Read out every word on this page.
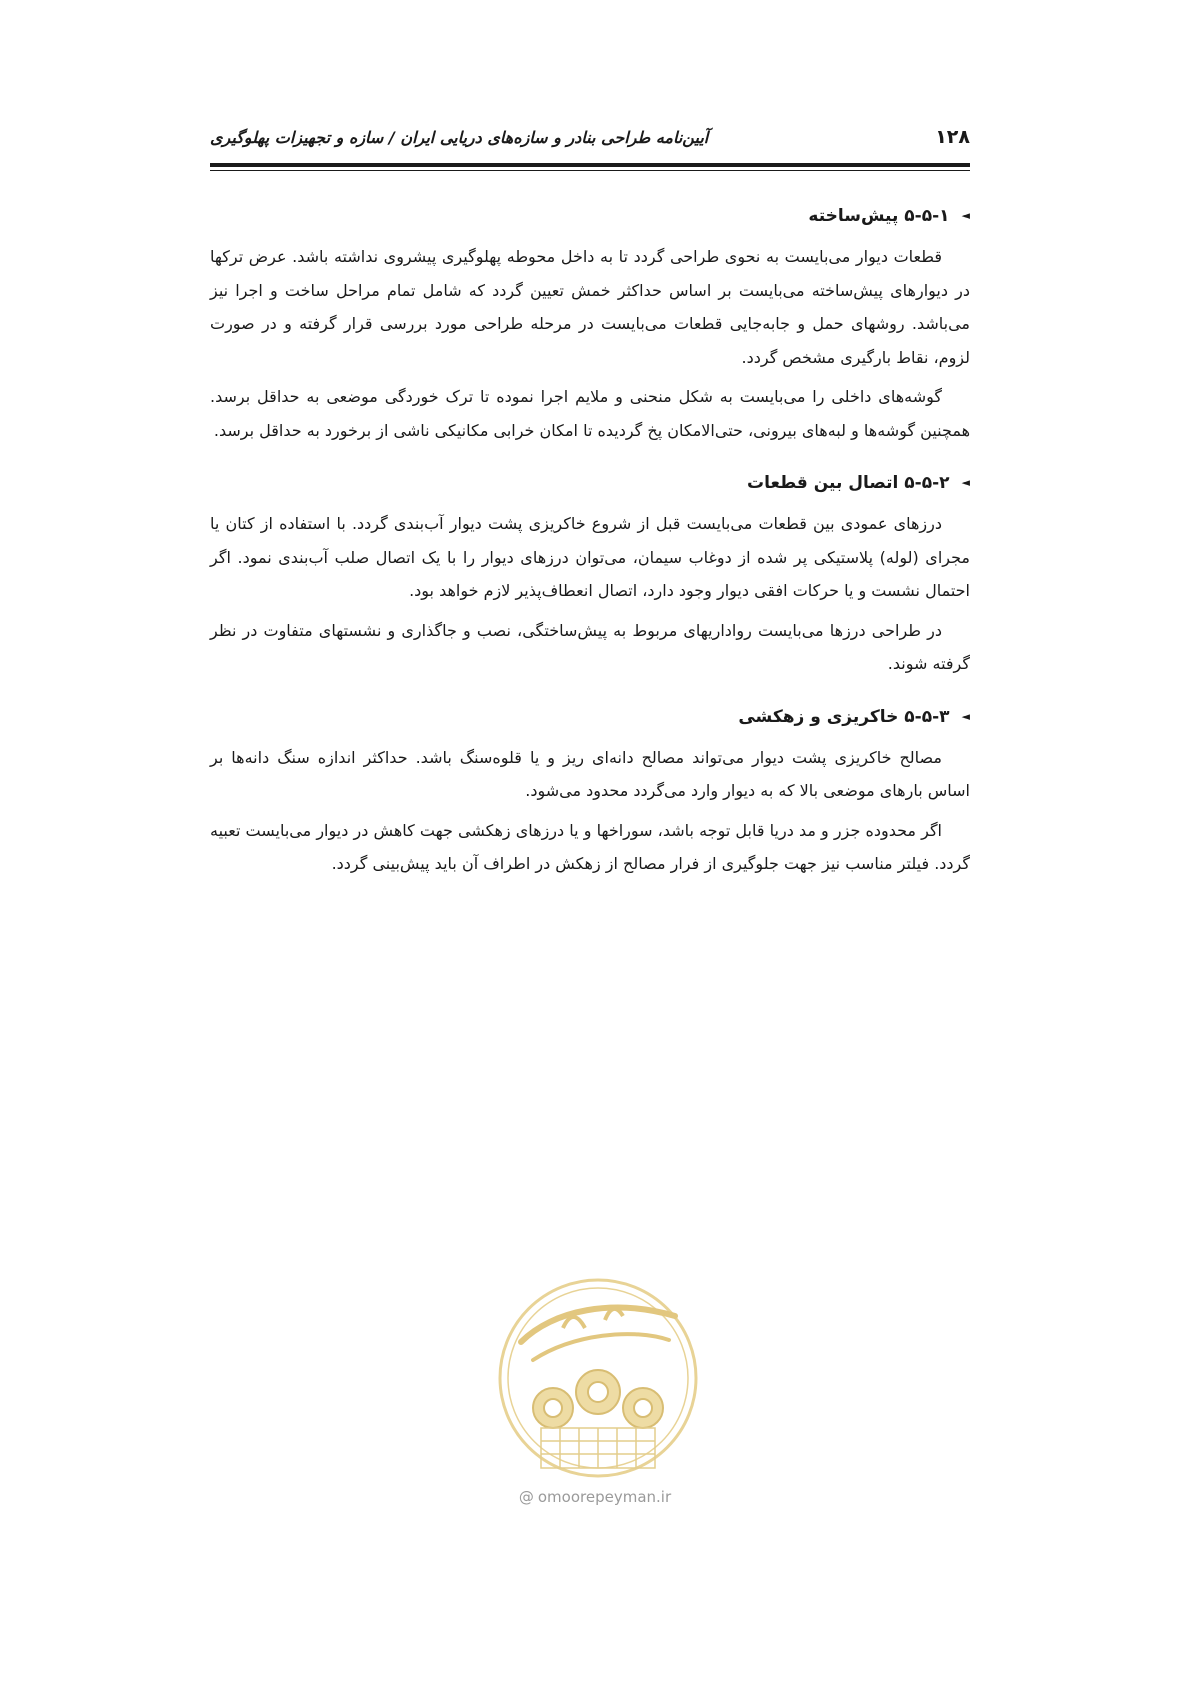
۱۲۸
آیین‌نامه طراحی بنادر و سازه‌های دریایی ایران / سازه و تجهیزات پهلوگیری
◄
۵-۵-۱ پیش‌ساخته

قطعات دیوار می‌بایست به نحوی طراحی گردد تا به داخل محوطه پهلوگیری پیشروی نداشته باشد. عرض ترکها در دیوارهای پیش‌ساخته می‌بایست بر اساس حداکثر خمش تعیین گردد که شامل تمام مراحل ساخت و اجرا نیز می‌باشد. روشهای حمل و جابه‌جایی قطعات می‌بایست در مرحله طراحی مورد بررسی قرار گرفته و در صورت لزوم، نقاط بارگیری مشخص گردد.

گوشه‌های داخلی را می‌بایست به شکل منحنی و ملایم اجرا نموده تا ترک خوردگی موضعی به حداقل برسد. همچنین گوشه‌ها و لبه‌های بیرونی، حتی‌الامکان پخ گردیده تا امکان خرابی مکانیکی ناشی از برخورد به حداقل برسد.

◄
۵-۵-۲ اتصال بین قطعات

درزهای عمودی بین قطعات می‌بایست قبل از شروع خاکریزی پشت دیوار آب‌بندی گردد. با استفاده از کتان یا مجرای (لوله) پلاستیکی پر شده از دوغاب سیمان، می‌توان درزهای دیوار را با یک اتصال صلب آب‌بندی نمود. اگر احتمال نشست و یا حرکات افقی دیوار وجود دارد، اتصال انعطاف‌پذیر لازم خواهد بود.

در طراحی درزها می‌بایست رواداریهای مربوط به پیش‌ساختگی، نصب و جاگذاری و نشستهای متفاوت در نظر گرفته شوند.

◄
۵-۵-۳ خاکریزی و زهکشی

مصالح خاکریزی پشت دیوار می‌تواند مصالح دانه‌ای ریز و یا قلوه‌سنگ باشد. حداکثر اندازه سنگ دانه‌ها بر اساس بارهای موضعی بالا که به دیوار وارد می‌گردد محدود می‌شود.

اگر محدوده جزر و مد دریا قابل توجه باشد، سوراخها و یا درزهای زهکشی جهت کاهش در دیوار می‌بایست تعبیه گردد. فیلتر مناسب نیز جهت جلوگیری از فرار مصالح از زهکش در اطراف آن باید پیش‌بینی گردد.

@ omoorepeyman.ir
